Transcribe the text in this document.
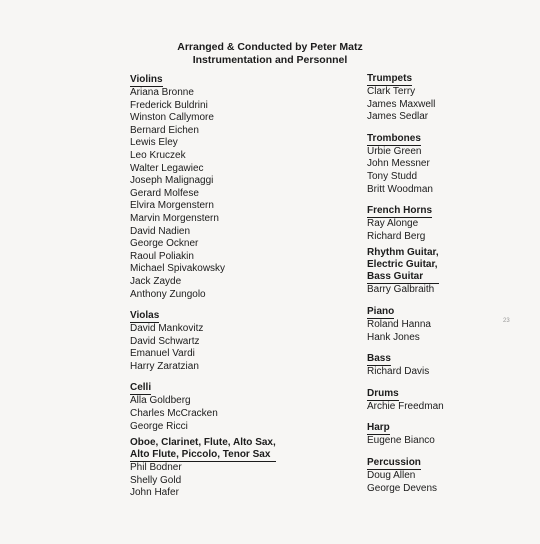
Arranged & Conducted by Peter Matz
Instrumentation and Personnel
Violins
Ariana Bronne
Frederick Buldrini
Winston Callymore
Bernard Eichen
Lewis Eley
Leo Kruczek
Walter Legawiec
Joseph Malignaggi
Gerard Molfese
Elvira Morgenstern
Marvin Morgenstern
David Nadien
George Ockner
Raoul Poliakin
Michael Spivakowsky
Jack Zayde
Anthony Zungolo
Violas
David Mankovitz
David Schwartz
Emanuel Vardi
Harry Zaratzian
Celli
Alla Goldberg
Charles McCracken
George Ricci
Oboe, Clarinet, Flute, Alto Sax,
Alto Flute, Piccolo, Tenor Sax
Phil Bodner
Shelly Gold
John Hafer
Trumpets
Clark Terry
James Maxwell
James Sedlar
Trombones
Urbie Green
John Messner
Tony Studd
Britt Woodman
French Horns
Ray Alonge
Richard Berg
Rhythm Guitar,
Electric Guitar,
Bass Guitar
Barry Galbraith
Piano
Roland Hanna
Hank Jones
Bass
Richard Davis
Drums
Archie Freedman
Harp
Eugene Bianco
Percussion
Doug Allen
George Devens
23
